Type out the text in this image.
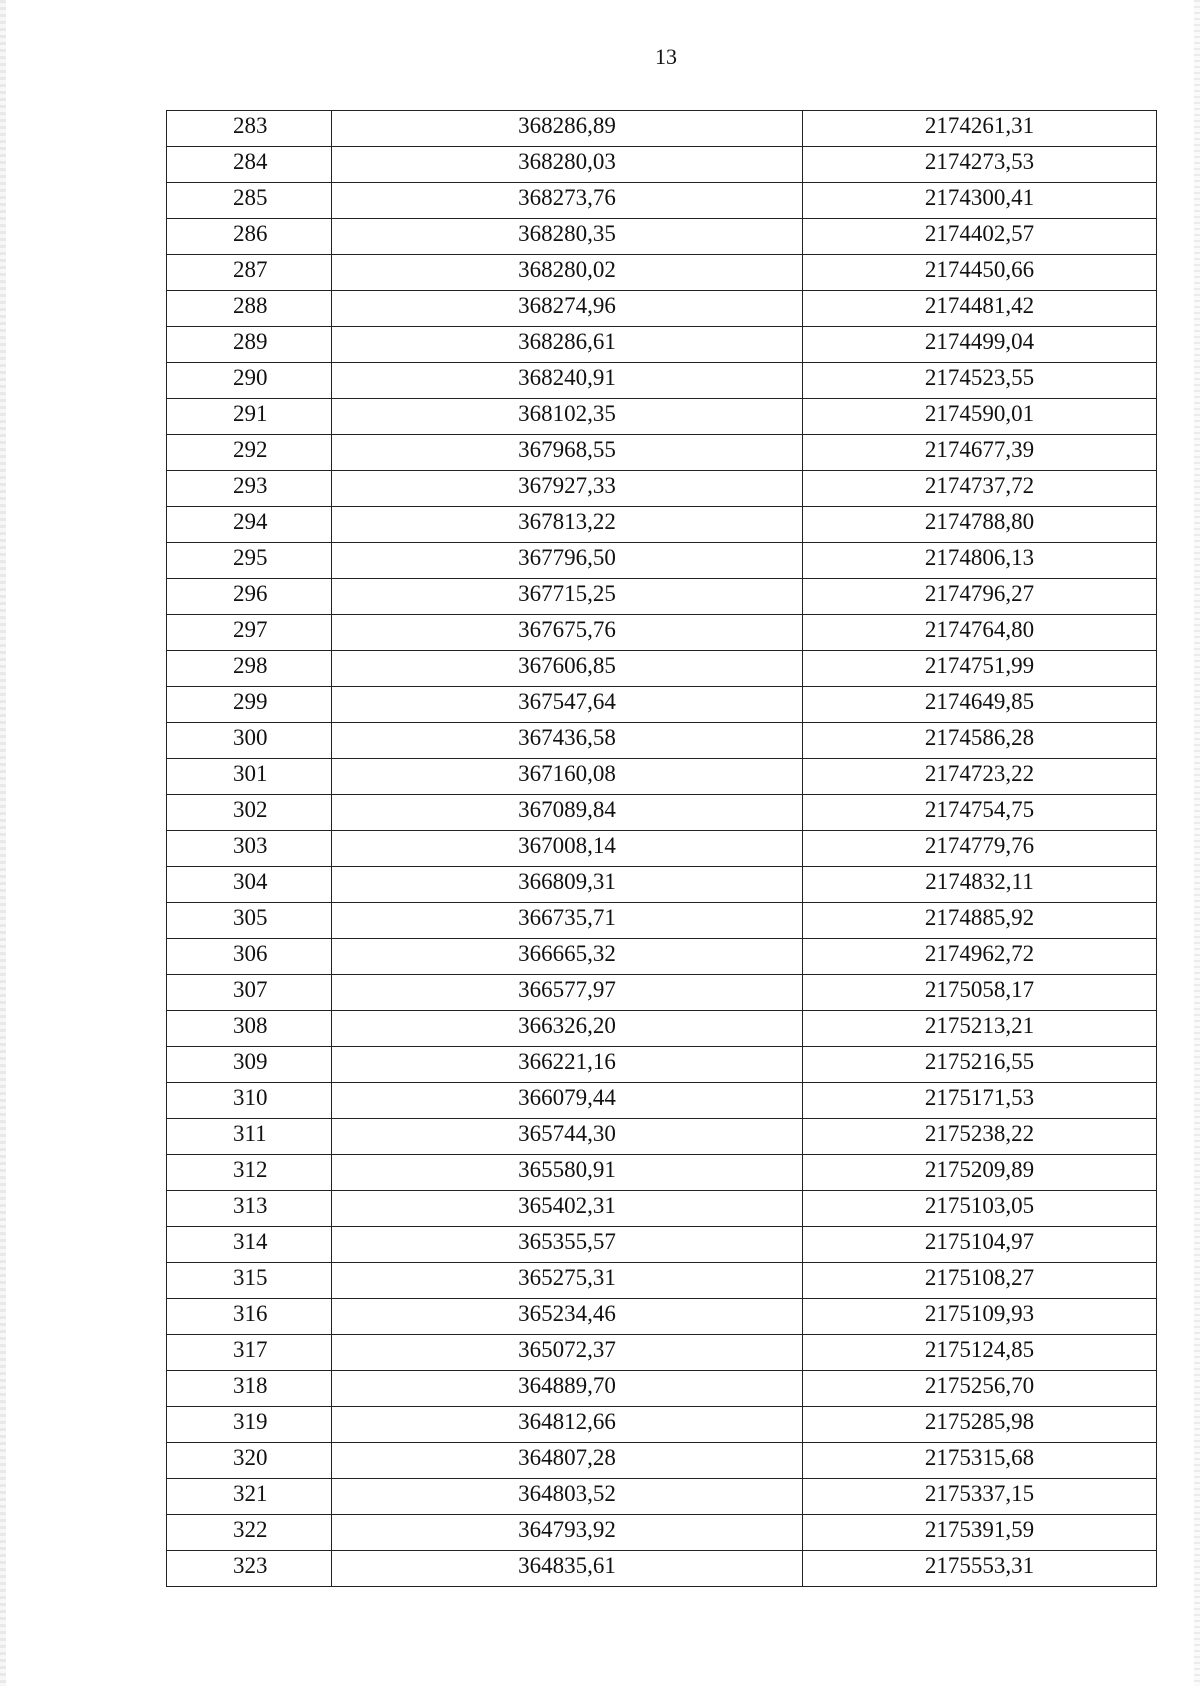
13
283	368286,89	2174261,31
284	368280,03	2174273,53
285	368273,76	2174300,41
286	368280,35	2174402,57
287	368280,02	2174450,66
288	368274,96	2174481,42
289	368286,61	2174499,04
290	368240,91	2174523,55
291	368102,35	2174590,01
292	367968,55	2174677,39
293	367927,33	2174737,72
294	367813,22	2174788,80
295	367796,50	2174806,13
296	367715,25	2174796,27
297	367675,76	2174764,80
298	367606,85	2174751,99
299	367547,64	2174649,85
300	367436,58	2174586,28
301	367160,08	2174723,22
302	367089,84	2174754,75
303	367008,14	2174779,76
304	366809,31	2174832,11
305	366735,71	2174885,92
306	366665,32	2174962,72
307	366577,97	2175058,17
308	366326,20	2175213,21
309	366221,16	2175216,55
310	366079,44	2175171,53
311	365744,30	2175238,22
312	365580,91	2175209,89
313	365402,31	2175103,05
314	365355,57	2175104,97
315	365275,31	2175108,27
316	365234,46	2175109,93
317	365072,37	2175124,85
318	364889,70	2175256,70
319	364812,66	2175285,98
320	364807,28	2175315,68
321	364803,52	2175337,15
322	364793,92	2175391,59
323	364835,61	2175553,31
